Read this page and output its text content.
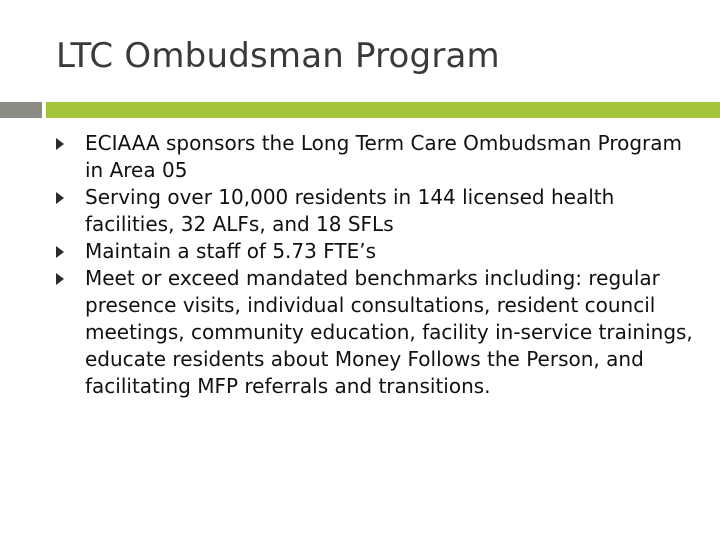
LTC Ombudsman Program
ECIAAA sponsors the Long Term Care Ombudsman Program in Area 05
Serving over 10,000 residents in 144 licensed health facilities, 32 ALFs, and 18 SFLs
Maintain a staff of 5.73 FTE’s
Meet or exceed mandated benchmarks including: regular presence visits, individual consultations, resident council meetings, community education, facility in-service trainings, educate residents about Money Follows the Person, and facilitating MFP referrals and transitions.
